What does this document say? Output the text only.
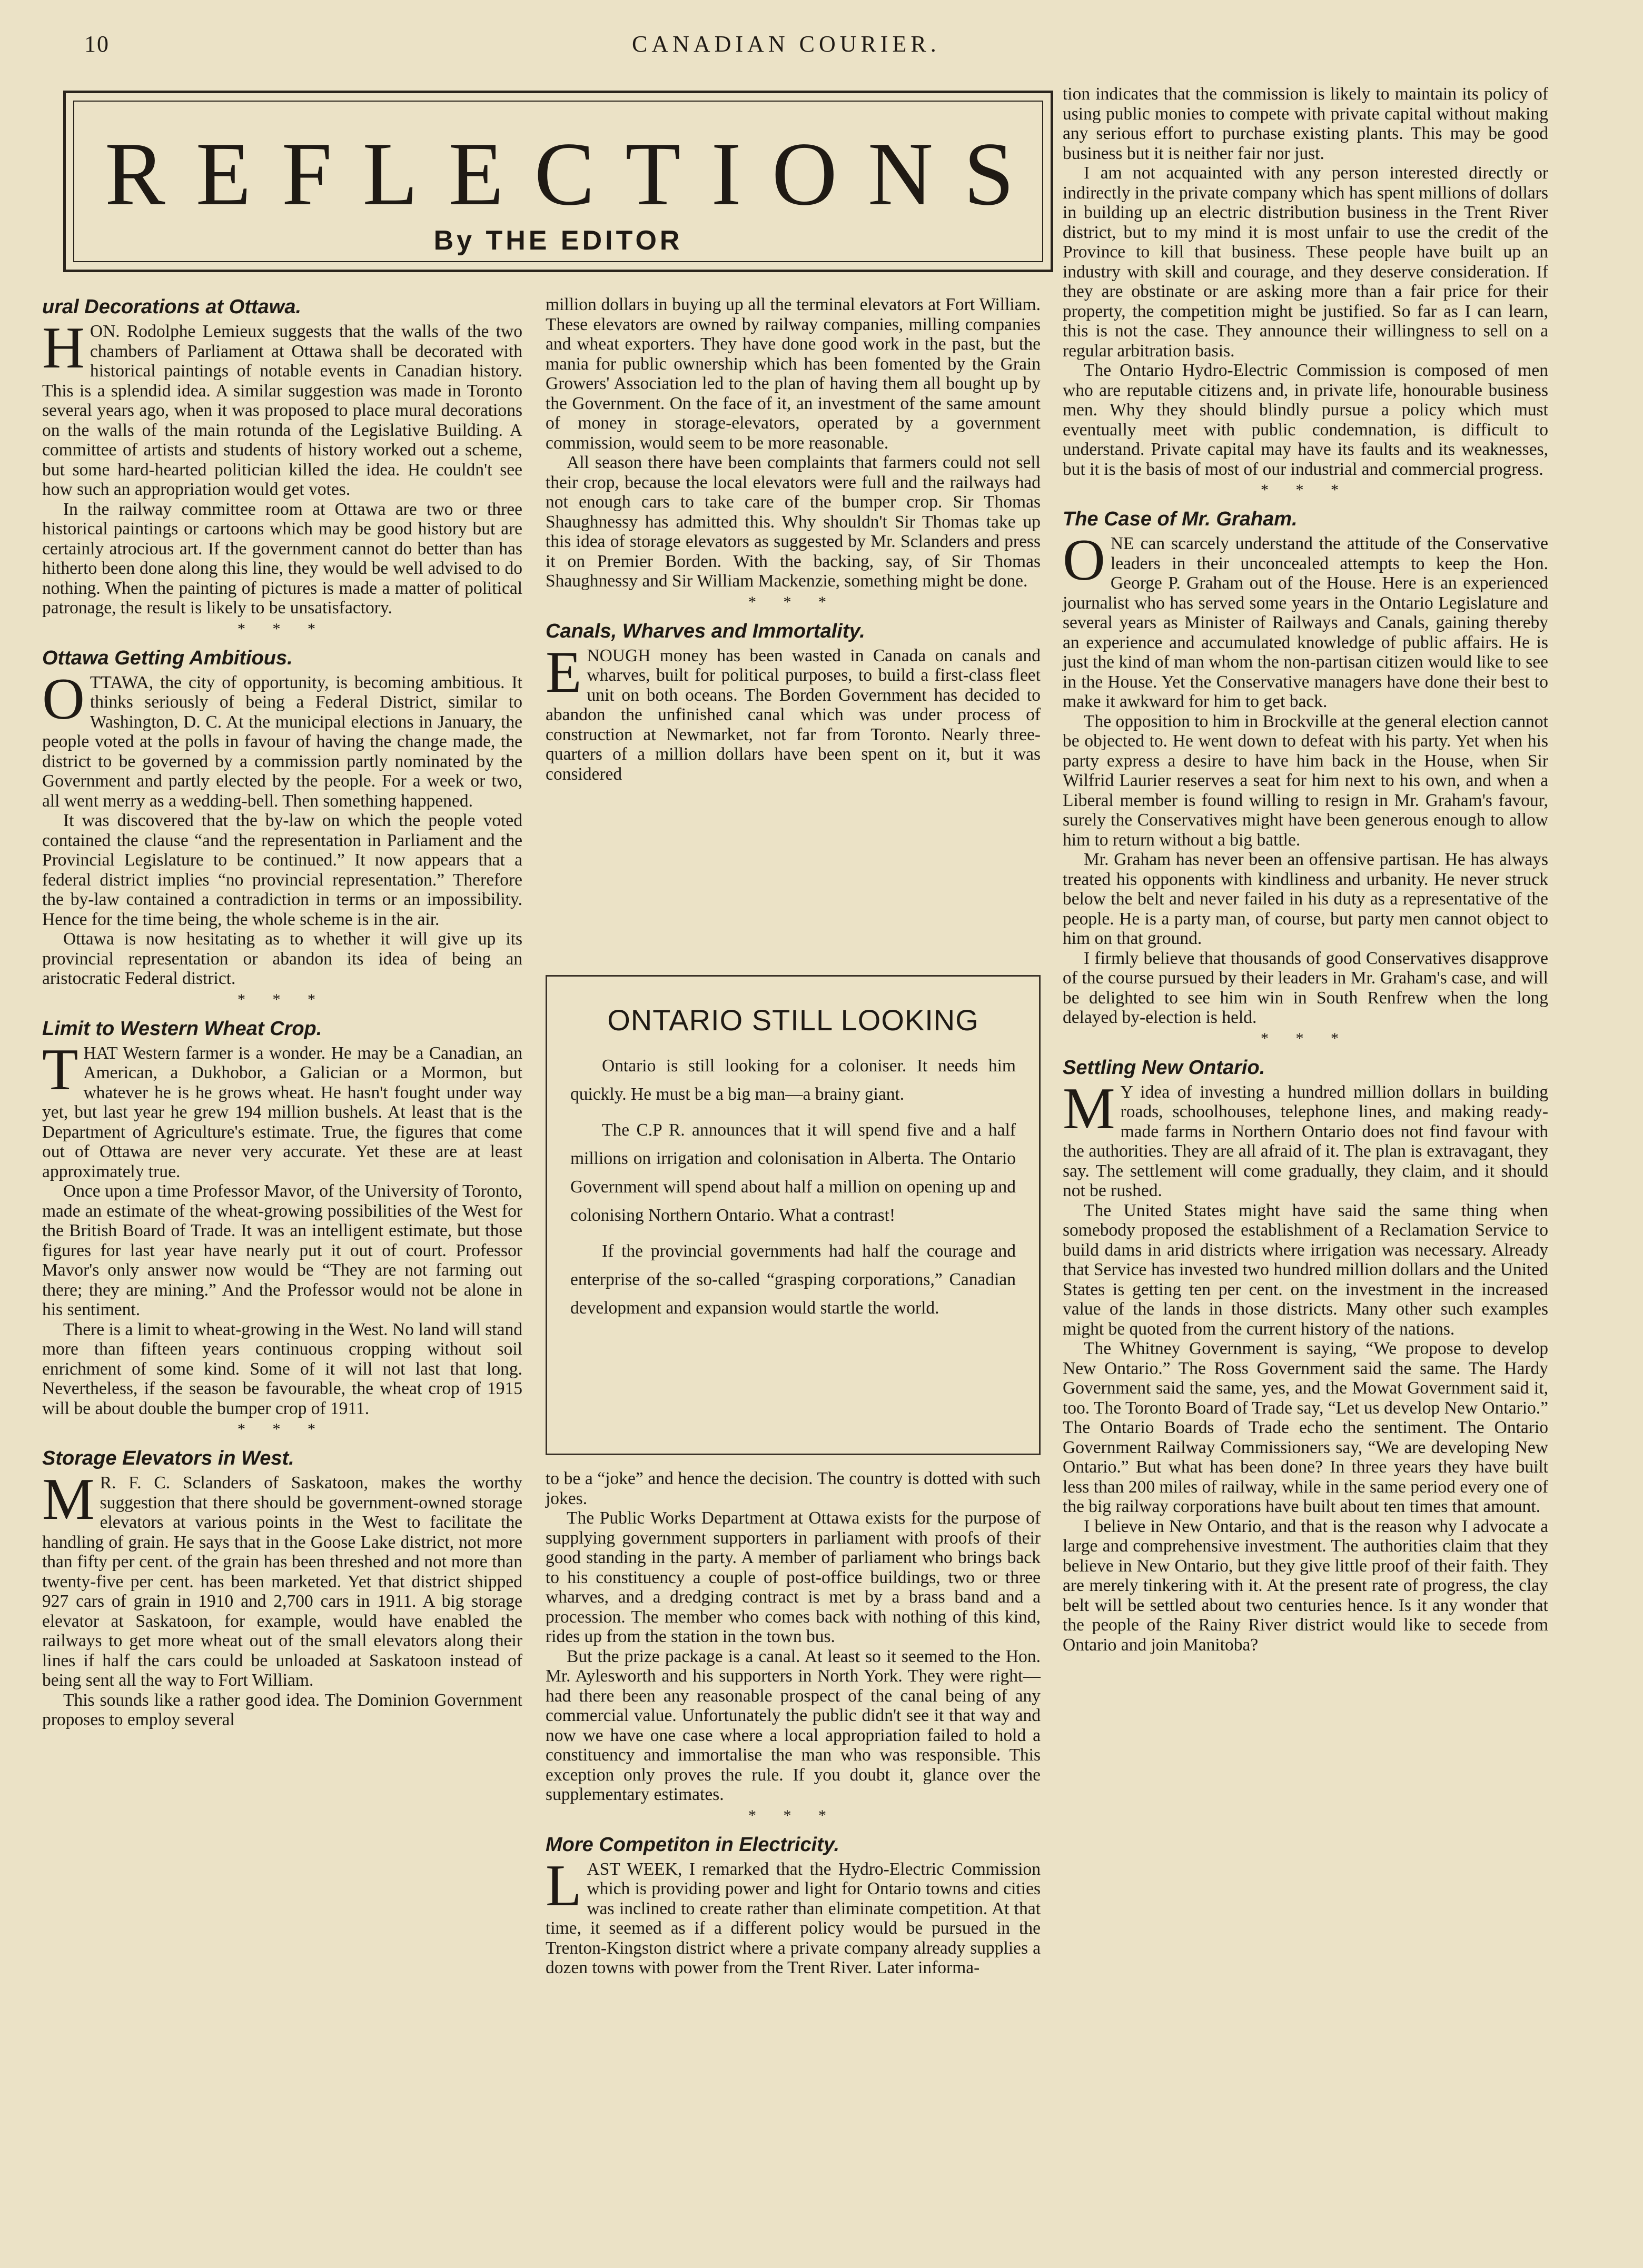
10	CANADIAN COURIER.
REFLECTIONS
By THE EDITOR
ural Decorations at Ottawa.

HON. Rodolphe Lemieux suggests that the walls of the two chambers of Parliament at Ottawa shall be decorated with historical paintings of notable events in Canadian history. This is a splendid idea. A similar suggestion was made in Toronto several years ago, when it was proposed to place mural decorations on the walls of the main rotunda of the Legislative Building. A committee of artists and students of history worked out a scheme, but some hard-hearted politician killed the idea. He couldn't see how such an appropriation would get votes.

In the railway committee room at Ottawa are two or three historical paintings or cartoons which may be good history but are certainly atrocious art. If the government cannot do better than has hitherto been done along this line, they would be well advised to do nothing. When the painting of pictures is made a matter of political patronage, the result is likely to be unsatisfactory.

* * *
Ottawa Getting Ambitious.

OTTAWA, the city of opportunity, is becoming ambitious. It thinks seriously of being a Federal District, similar to Washington, D. C. At the municipal elections in January, the people voted at the polls in favour of having the change made, the district to be governed by a commission partly nominated by the Government and partly elected by the people. For a week or two, all went merry as a wedding-bell. Then something happened.

It was discovered that the by-law on which the people voted contained the clause “and the representation in Parliament and the Provincial Legislature to be continued.” It now appears that a federal district implies “no provincial representation.” Therefore the by-law contained a contradiction in terms or an impossibility. Hence for the time being, the whole scheme is in the air.

Ottawa is now hesitating as to whether it will give up its provincial representation or abandon its idea of being an aristocratic Federal district.

* * *
Limit to Western Wheat Crop.

THAT Western farmer is a wonder. He may be a Canadian, an American, a Dukhobor, a Galician or a Mormon, but whatever he is he grows wheat. He hasn't fought under way yet, but last year he grew 194 million bushels. At least that is the Department of Agriculture's estimate. True, the figures that come out of Ottawa are never very accurate. Yet these are at least approximately true.

Once upon a time Professor Mavor, of the University of Toronto, made an estimate of the wheat-growing possibilities of the West for the British Board of Trade. It was an intelligent estimate, but those figures for last year have nearly put it out of court. Professor Mavor's only answer now would be “They are not farming out there; they are mining.” And the Professor would not be alone in his sentiment.

There is a limit to wheat-growing in the West. No land will stand more than fifteen years continuous cropping without soil enrichment of some kind. Some of it will not last that long. Nevertheless, if the season be favourable, the wheat crop of 1915 will be about double the bumper crop of 1911.

* * *
Storage Elevators in West.

M R. F. C. Sclanders of Saskatoon, makes the worthy suggestion that there should be government-owned storage elevators at various points in the West to facilitate the handling of grain. He says that in the Goose Lake district, not more than fifty per cent. of the grain has been threshed and not more than twenty-five per cent. has been marketed. Yet that district shipped 927 cars of grain in 1910 and 2,700 cars in 1911. A big storage elevator at Saskatoon, for example, would have enabled the railways to get more wheat out of the small elevators along their lines if half the cars could be unloaded at Saskatoon instead of being sent all the way to Fort William.

This sounds like a rather good idea. The Dominion Government proposes to employ several

million dollars in buying up all the terminal elevators at Fort William. These elevators are owned by railway companies, milling companies and wheat exporters. They have done good work in the past, but the mania for public ownership which has been fomented by the Grain Growers' Association led to the plan of having them all bought up by the Government. On the face of it, an investment of the same amount of money in storage-elevators, operated by a government commission, would seem to be more reasonable.

All season there have been complaints that farmers could not sell their crop, because the local elevators were full and the railways had not enough cars to take care of the bumper crop. Sir Thomas Shaughnessy has admitted this. Why shouldn't Sir Thomas take up this idea of storage elevators as suggested by Mr. Sclanders and press it on Premier Borden. With the backing, say, of Sir Thomas Shaughnessy and Sir William Mackenzie, something might be done.

* * *
Canals, Wharves and Immortality.

ENOUGH money has been wasted in Canada on canals and wharves, built for political purposes, to build a first-class fleet unit on both oceans. The Borden Government has decided to abandon the unfinished canal which was under process of construction at Newmarket, not far from Toronto. Nearly three-quarters of a million dollars have been spent on it, but it was considered

ONTARIO STILL LOOKING

Ontario is still looking for a coloniser. It needs him quickly. He must be a big man—a brainy giant.

The C.P R. announces that it will spend five and a half millions on irrigation and colonisation in Alberta. The Ontario Government will spend about half a million on opening up and colonising Northern Ontario. What a contrast!

If the provincial governments had half the courage and enterprise of the so-called “grasping corporations,” Canadian development and expansion would startle the world.

to be a “joke” and hence the decision. The country is dotted with such jokes.

The Public Works Department at Ottawa exists for the purpose of supplying government supporters in parliament with proofs of their good standing in the party. A member of parliament who brings back to his constituency a couple of post-office buildings, two or three wharves, and a dredging contract is met by a brass band and a procession. The member who comes back with nothing of this kind, rides up from the station in the town bus.

But the prize package is a canal. At least so it seemed to the Hon. Mr. Aylesworth and his supporters in North York. They were right—had there been any reasonable prospect of the canal being of any commercial value. Unfortunately the public didn't see it that way and now we have one case where a local appropriation failed to hold a constituency and immortalise the man who was responsible. This exception only proves the rule. If you doubt it, glance over the supplementary estimates.

* * *
More Competiton in Electricity.

LAST WEEK, I remarked that the Hydro-Electric Commission which is providing power and light for Ontario towns and cities was inclined to create rather than eliminate competition. At that time, it seemed as if a different policy would be pursued in the Trenton-Kingston district where a private company already supplies a dozen towns with power from the Trent River. Later informa-

tion indicates that the commission is likely to maintain its policy of using public monies to compete with private capital without making any serious effort to purchase existing plants. This may be good business but it is neither fair nor just.

I am not acquainted with any person interested directly or indirectly in the private company which has spent millions of dollars in building up an electric distribution business in the Trent River district, but to my mind it is most unfair to use the credit of the Province to kill that business. These people have built up an industry with skill and courage, and they deserve consideration. If they are obstinate or are asking more than a fair price for their property, the competition might be justified. So far as I can learn, this is not the case. They announce their willingness to sell on a regular arbitration basis.

The Ontario Hydro-Electric Commission is composed of men who are reputable citizens and, in private life, honourable business men. Why they should blindly pursue a policy which must eventually meet with public condemnation, is difficult to understand. Private capital may have its faults and its weaknesses, but it is the basis of most of our industrial and commercial progress.

* * *
The Case of Mr. Graham.

ONE can scarcely understand the attitude of the Conservative leaders in their unconcealed attempts to keep the Hon. George P. Graham out of the House. Here is an experienced journalist who has served some years in the Ontario Legislature and several years as Minister of Railways and Canals, gaining thereby an experience and accumulated knowledge of public affairs. He is just the kind of man whom the non-partisan citizen would like to see in the House. Yet the Conservative managers have done their best to make it awkward for him to get back.

The opposition to him in Brockville at the general election cannot be objected to. He went down to defeat with his party. Yet when his party express a desire to have him back in the House, when Sir Wilfrid Laurier reserves a seat for him next to his own, and when a Liberal member is found willing to resign in Mr. Graham's favour, surely the Conservatives might have been generous enough to allow him to return without a big battle.

Mr. Graham has never been an offensive partisan. He has always treated his opponents with kindliness and urbanity. He never struck below the belt and never failed in his duty as a representative of the people. He is a party man, of course, but party men cannot object to him on that ground.

I firmly believe that thousands of good Conservatives disapprove of the course pursued by their leaders in Mr. Graham's case, and will be delighted to see him win in South Renfrew when the long delayed by-election is held.

* * *
Settling New Ontario.

M Y idea of investing a hundred million dollars in building roads, schoolhouses, telephone lines, and making ready-made farms in Northern Ontario does not find favour with the authorities. They are all afraid of it. The plan is extravagant, they say. The settlement will come gradually, they claim, and it should not be rushed.

The United States might have said the same thing when somebody proposed the establishment of a Reclamation Service to build dams in arid districts where irrigation was necessary. Already that Service has invested two hundred million dollars and the United States is getting ten per cent. on the investment in the increased value of the lands in those districts. Many other such examples might be quoted from the current history of the nations.

The Whitney Government is saying, “We propose to develop New Ontario.” The Ross Government said the same. The Hardy Government said the same, yes, and the Mowat Government said it, too. The Toronto Board of Trade say, “Let us develop New Ontario.” The Ontario Boards of Trade echo the sentiment. The Ontario Government Railway Commissioners say, “We are developing New Ontario.” But what has been done? In three years they have built less than 200 miles of railway, while in the same period every one of the big railway corporations have built about ten times that amount.

I believe in New Ontario, and that is the reason why I advocate a large and comprehensive investment. The authorities claim that they believe in New Ontario, but they give little proof of their faith. They are merely tinkering with it. At the present rate of progress, the clay belt will be settled about two centuries hence. Is it any wonder that the people of the Rainy River district would like to secede from Ontario and join Manitoba?
